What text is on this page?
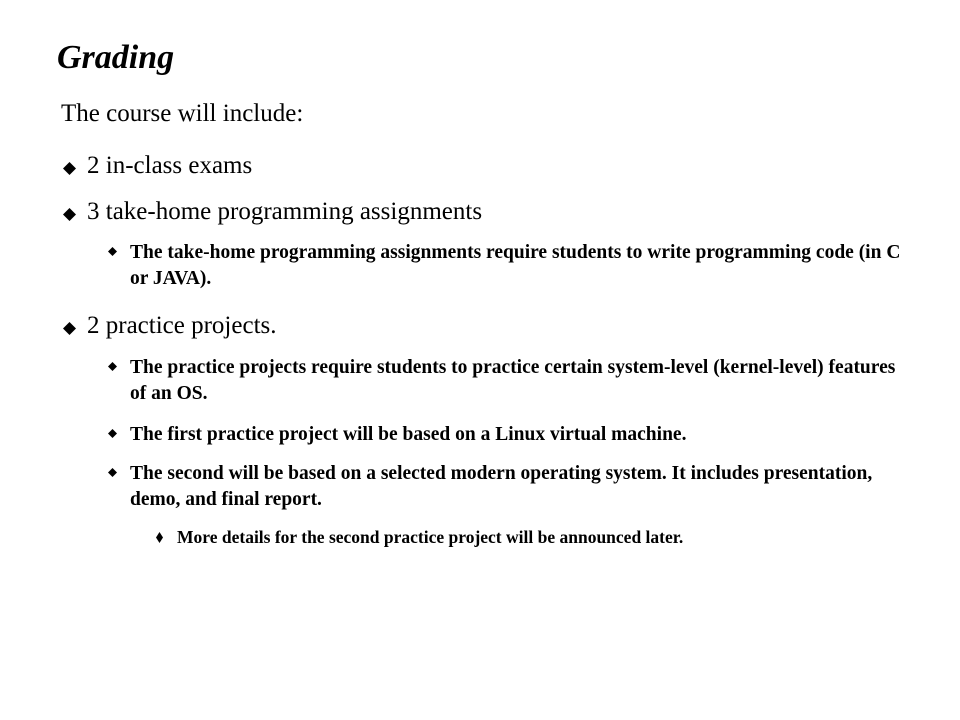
Grading
The course will include:
2 in-class exams
3 take-home programming assignments
The take-home programming assignments require students to write programming code (in C or JAVA).
2 practice projects.
The practice projects require students to practice certain system-level (kernel-level) features of an OS.
The first practice project will be based on a Linux virtual machine.
The second will be based on a selected modern operating system. It includes presentation, demo, and final report.
More details for the second practice project will be announced later.
